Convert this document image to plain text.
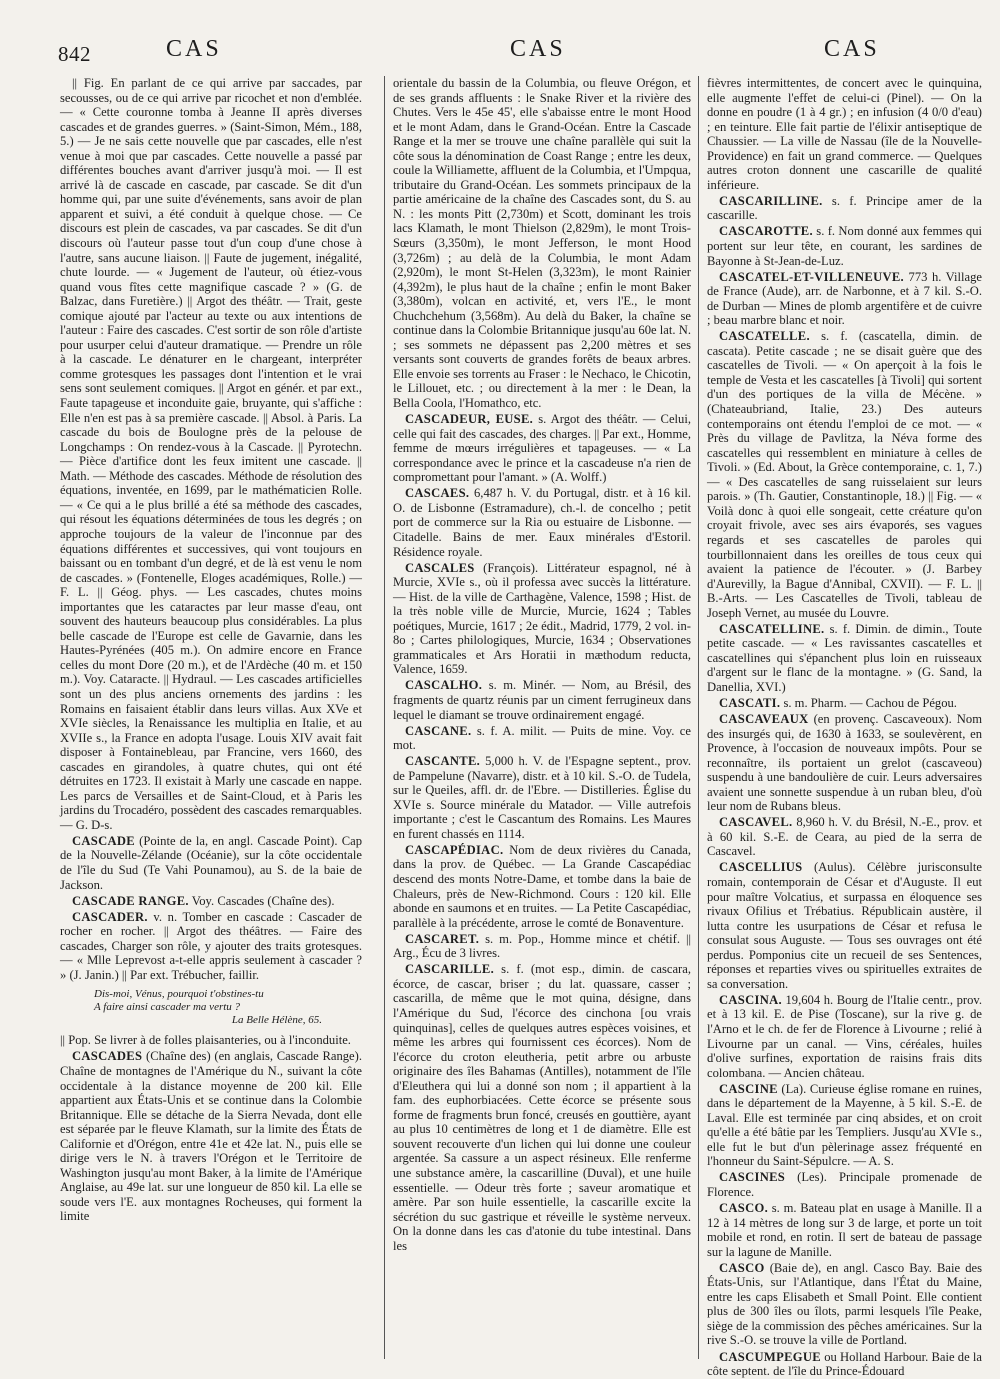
842	CAS	CAS	CAS

|| Fig. En parlant de ce qui arrive par saccades, par secousses, ou de ce qui arrive par ricochet et non d'emblée. — « Cette couronne tomba à Jeanne II après diverses cascades et de grandes guerres. » (Saint-Simon, Mém., 188, 5.) — Je ne sais cette nouvelle que par cascades, elle n'est venue à moi que par cascades. Cette nouvelle a passé par différentes bouches avant d'arriver jusqu'à moi. — Il est arrivé là de cascade en cascade, par cascade. Se dit d'un homme qui, par une suite d'événements, sans avoir de plan apparent et suivi, a été conduit à quelque chose. — Ce discours est plein de cascades, va par cascades. Se dit d'un discours où l'auteur passe tout d'un coup d'une chose à l'autre, sans aucune liaison. || Faute de jugement, inégalité, chute lourde. — « Jugement de l'auteur, où étiez-vous quand vous fîtes cette magnifique cascade ? » (G. de Balzac, dans Furetière.) || Argot des théâtr. — Trait, geste comique ajouté par l'acteur au texte ou aux intentions de l'auteur : Faire des cascades. C'est sortir de son rôle d'artiste pour usurper celui d'auteur dramatique. — Prendre un rôle à la cascade. Le dénaturer en le chargeant, interpréter comme grotesques les passages dont l'intention et le vrai sens sont seulement comiques. || Argot en génér. et par ext., Faute tapageuse et inconduite gaie, bruyante, qui s'affiche : Elle n'en est pas à sa première cascade. || Absol. à Paris. La cascade du bois de Boulogne près de la pelouse de Longchamps : On rendez-vous à la Cascade. || Pyrotechn. — Pièce d'artifice dont les feux imitent une cascade. || Math. — Méthode des cascades. Méthode de résolution des équations, inventée, en 1699, par le mathématicien Rolle. — « Ce qui a le plus brillé a été sa méthode des cascades, qui résout les équations déterminées de tous les degrés ; on approche toujours de la valeur de l'inconnue par des équations différentes et successives, qui vont toujours en baissant ou en tombant d'un degré, et de là est venu le nom de cascades. » (Fontenelle, Eloges académiques, Rolle.) — F. L. || Géog. phys. — Les cascades, chutes moins importantes que les cataractes par leur masse d'eau, ont souvent des hauteurs beaucoup plus considérables. La plus belle cascade de l'Europe est celle de Gavarnie, dans les Hautes-Pyrénées (405 m.). On admire encore en France celles du mont Dore (20 m.), et de l'Ardèche (40 m. et 150 m.). Voy. Cataracte. || Hydraul. — Les cascades artificielles sont un des plus anciens ornements des jardins : les Romains en faisaient établir dans leurs villas. Aux XVe et XVIe siècles, la Renaissance les multiplia en Italie, et au XVIIe s., la France en adopta l'usage. Louis XIV avait fait disposer à Fontainebleau, par Francine, vers 1660, des cascades en girandoles, à quatre chutes, qui ont été détruites en 1723. Il existait à Marly une cascade en nappe. Les parcs de Versailles et de Saint-Cloud, et à Paris les jardins du Trocadéro, possèdent des cascades remarquables. — G. D-s.

CASCADE (Pointe de la, en angl. Cascade Point). Cap de la Nouvelle-Zélande (Océanie), sur la côte occidentale de l'île du Sud (Te Vahi Pounamou), au S. de la baie de Jackson.

CASCADE RANGE. Voy. Cascades (Chaîne des).

CASCADER. v. n. Tomber en cascade : Cascader de rocher en rocher. || Argot des théâtres. — Faire des cascades, Charger son rôle, y ajouter des traits grotesques. — « Mlle Leprevost a-t-elle appris seulement à cascader ? » (J. Janin.) || Par ext. Trébucher, faillir.

Dis-moi, Vénus, pourquoi t'obstines-tu
A faire ainsi cascader ma vertu ?
La Belle Hélène, 65.

|| Pop. Se livrer à de folles plaisanteries, ou à l'inconduite.

CASCADES (Chaîne des) (en anglais, Cascade Range). Chaîne de montagnes de l'Amérique du N., suivant la côte occidentale à la distance moyenne de 200 kil. Elle appartient aux États-Unis et se continue dans la Colombie Britannique. Elle se détache de la Sierra Nevada, dont elle est séparée par le fleuve Klamath, sur la limite des États de Californie et d'Orégon, entre 41e et 42e lat. N., puis elle se dirige vers le N. à travers l'Orégon et le Territoire de Washington jusqu'au mont Baker, à la limite de l'Amérique Anglaise, au 49e lat. sur une longueur de 850 kil. La elle se soude vers l'E. aux montagnes Rocheuses, qui forment la limite

orientale du bassin de la Columbia, ou fleuve Orégon, et de ses grands affluents : le Snake River et la rivière des Chutes. Vers le 45e 45', elle s'abaisse entre le mont Hood et le mont Adam, dans le Grand-Océan. Entre la Cascade Range et la mer se trouve une chaîne parallèle qui suit la côte sous la dénomination de Coast Range ; entre les deux, coule la Williamette, affluent de la Columbia, et l'Umpqua, tributaire du Grand-Océan. Les sommets principaux de la partie américaine de la chaîne des Cascades sont, du S. au N. : les monts Pitt (2,730m) et Scott, dominant les trois lacs Klamath, le mont Thielson (2,829m), le mont Trois-Sœurs (3,350m), le mont Jefferson, le mont Hood (3,726m) ; au delà de la Columbia, le mont Adam (2,920m), le mont St-Helen (3,323m), le mont Rainier (4,392m), le plus haut de la chaîne ; enfin le mont Baker (3,380m), volcan en activité, et, vers l'E., le mont Chuchchehum (3,568m). Au delà du Baker, la chaîne se continue dans la Colombie Britannique jusqu'au 60e lat. N. ; ses sommets ne dépassent pas 2,200 mètres et ses versants sont couverts de grandes forêts de beaux arbres. Elle envoie ses torrents au Fraser : le Nechaco, le Chicotin, le Lillouet, etc. ; ou directement à la mer : le Dean, la Bella Coola, l'Homathco, etc.

CASCADEUR, EUSE. s. Argot des théâtr. — Celui, celle qui fait des cascades, des charges. || Par ext., Homme, femme de mœurs irrégulières et tapageuses. — « La correspondance avec le prince et la cascadeuse n'a rien de compromettant pour l'amant. » (A. Wolff.)

CASCAES. 6,487 h. V. du Portugal, distr. et à 16 kil. O. de Lisbonne (Estramadure), ch.-l. de concelho ; petit port de commerce sur la Ria ou estuaire de Lisbonne. — Citadelle. Bains de mer. Eaux minérales d'Estoril. Résidence royale.

CASCALES (François). Littérateur espagnol, né à Murcie, XVIe s., où il professa avec succès la littérature. — Hist. de la ville de Carthagène, Valence, 1598 ; Hist. de la très noble ville de Murcie, Murcie, 1624 ; Tables poétiques, Murcie, 1617 ; 2e édit., Madrid, 1779, 2 vol. in-8o ; Cartes philologiques, Murcie, 1634 ; Observationes grammaticales et Ars Horatii in mæthodum reducta, Valence, 1659.

CASCALHO. s. m. Minér. — Nom, au Brésil, des fragments de quartz réunis par un ciment ferrugineux dans lequel le diamant se trouve ordinairement engagé.

CASCANE. s. f. A. milit. — Puits de mine. Voy. ce mot.

CASCANTE. 5,000 h. V. de l'Espagne septent., prov. de Pampelune (Navarre), distr. et à 10 kil. S.-O. de Tudela, sur le Queiles, affl. dr. de l'Ebre. — Distilleries. Église du XVIe s. Source minérale du Matador. — Ville autrefois importante ; c'est le Cascantum des Romains. Les Maures en furent chassés en 1114.

CASCAPÉDIAC. Nom de deux rivières du Canada, dans la prov. de Québec. — La Grande Cascapédiac descend des monts Notre-Dame, et tombe dans la baie de Chaleurs, près de New-Richmond. Cours : 120 kil. Elle abonde en saumons et en truites. — La Petite Cascapédiac, parallèle à la précédente, arrose le comté de Bonaventure.

CASCARET. s. m. Pop., Homme mince et chétif. || Arg., Écu de 3 livres.

CASCARILLE. s. f. (mot esp., dimin. de cascara, écorce, de cascar, briser ; du lat. quassare, casser ; cascarilla, de même que le mot quina, désigne, dans l'Amérique du Sud, l'écorce des cinchona [ou vrais quinquinas], celles de quelques autres espèces voisines, et même les arbres qui fournissent ces écorces). Nom de l'écorce du croton eleutheria, petit arbre ou arbuste originaire des îles Bahamas (Antilles), notamment de l'île d'Eleuthera qui lui a donné son nom ; il appartient à la fam. des euphorbiacées. Cette écorce se présente sous forme de fragments brun foncé, creusés en gouttière, ayant au plus 10 centimètres de long et 1 de diamètre. Elle est souvent recouverte d'un lichen qui lui donne une couleur argentée. Sa cassure a un aspect résineux. Elle renferme une substance amère, la cascarilline (Duval), et une huile essentielle. — Odeur très forte ; saveur aromatique et amère. Par son huile essentielle, la cascarille excite la sécrétion du suc gastrique et réveille le système nerveux. On la donne dans les cas d'atonie du tube intestinal. Dans les

fièvres intermittentes, de concert avec le quinquina, elle augmente l'effet de celui-ci (Pinel). — On la donne en poudre (1 à 4 gr.) ; en infusion (4 0/0 d'eau) ; en teinture. Elle fait partie de l'élixir antiseptique de Chaussier. — La ville de Nassau (île de la Nouvelle-Providence) en fait un grand commerce. — Quelques autres croton donnent une cascarille de qualité inférieure.

CASCARILLINE. s. f. Principe amer de la cascarille.

CASCAROTTE. s. f. Nom donné aux femmes qui portent sur leur tête, en courant, les sardines de Bayonne à St-Jean-de-Luz.

CASCATEL-ET-VILLENEUVE. 773 h. Village de France (Aude), arr. de Narbonne, et à 7 kil. S.-O. de Durban — Mines de plomb argentifère et de cuivre ; beau marbre blanc et noir.

CASCATELLE. s. f. (cascatella, dimin. de cascata). Petite cascade ; ne se disait guère que des cascatelles de Tivoli. — « On aperçoit à la fois le temple de Vesta et les cascatelles [à Tivoli] qui sortent d'un des portiques de la villa de Mécène. » (Chateaubriand, Italie, 23.) Des auteurs contemporains ont étendu l'emploi de ce mot. — « Près du village de Pavlitza, la Néva forme des cascatelles qui ressemblent en miniature à celles de Tivoli. » (Ed. About, la Grèce contemporaine, c. 1, 7.) — « Des cascatelles de sang ruisselaient sur leurs parois. » (Th. Gautier, Constantinople, 18.) || Fig. — « Voilà donc à quoi elle songeait, cette créature qu'on croyait frivole, avec ses airs évaporés, ses vagues regards et ses cascatelles de paroles qui tourbillonnaient dans les oreilles de tous ceux qui avaient la patience de l'écouter. » (J. Barbey d'Aurevilly, la Bague d'Annibal, CXVII). — F. L. || B.-Arts. — Les Cascatelles de Tivoli, tableau de Joseph Vernet, au musée du Louvre.

CASCATELLINE. s. f. Dimin. de dimin., Toute petite cascade. — « Les ravissantes cascatelles et cascatellines qui s'épanchent plus loin en ruisseaux d'argent sur le flanc de la montagne. » (G. Sand, la Danellia, XVI.)

CASCATI. s. m. Pharm. — Cachou de Pégou.

CASCAVEAUX (en provenç. Cascaveoux). Nom des insurgés qui, de 1630 à 1633, se soulevèrent, en Provence, à l'occasion de nouveaux impôts. Pour se reconnaître, ils portaient un grelot (cascaveou) suspendu à une bandoulière de cuir. Leurs adversaires avaient une sonnette suspendue à un ruban bleu, d'où leur nom de Rubans bleus.

CASCAVEL. 8,960 h. V. du Brésil, N.-E., prov. et à 60 kil. S.-E. de Ceara, au pied de la serra de Cascavel.

CASCELLIUS (Aulus). Célèbre jurisconsulte romain, contemporain de César et d'Auguste. Il eut pour maître Volcatius, et surpassa en éloquence ses rivaux Ofilius et Trébatius. Républicain austère, il lutta contre les usurpations de César et refusa le consulat sous Auguste. — Tous ses ouvrages ont été perdus. Pomponius cite un recueil de ses Sentences, réponses et reparties vives ou spirituelles extraites de sa conversation.

CASCINA. 19,604 h. Bourg de l'Italie centr., prov. et à 13 kil. E. de Pise (Toscane), sur la rive g. de l'Arno et le ch. de fer de Florence à Livourne ; relié à Livourne par un canal. — Vins, céréales, huiles d'olive surfines, exportation de raisins frais dits colombana. — Ancien château.

CASCINE (La). Curieuse église romane en ruines, dans le département de la Mayenne, à 5 kil. S.-E. de Laval. Elle est terminée par cinq absides, et on croit qu'elle a été bâtie par les Templiers. Jusqu'au XVIe s., elle fut le but d'un pèlerinage assez fréquenté en l'honneur du Saint-Sépulcre. — A. S.

CASCINES (Les). Principale promenade de Florence.

CASCO. s. m. Bateau plat en usage à Manille. Il a 12 à 14 mètres de long sur 3 de large, et porte un toit mobile et rond, en rotin. Il sert de bateau de passage sur la lagune de Manille.

CASCO (Baie de), en angl. Casco Bay. Baie des États-Unis, sur l'Atlantique, dans l'État du Maine, entre les caps Elisabeth et Small Point. Elle contient plus de 300 îles ou îlots, parmi lesquels l'île Peake, siège de la commission des pêches américaines. Sur la rive S.-O. se trouve la ville de Portland.

CASCUMPEGUE ou Holland Harbour. Baie de la côte septent. de l'île du Prince-Édouard
